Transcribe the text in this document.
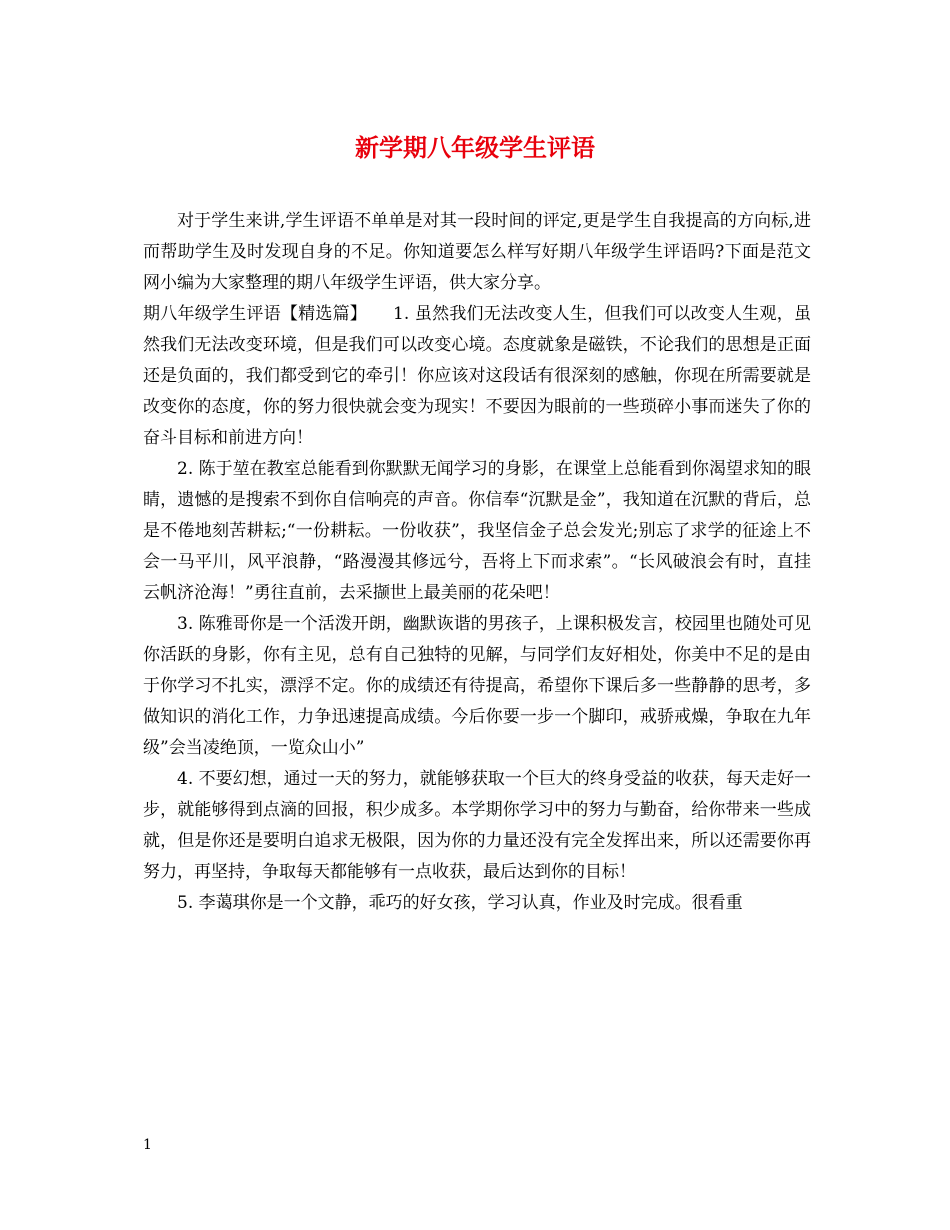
新学期八年级学生评语

对于学生来讲,学生评语不单单是对其一段时间的评定,更是学生自我提高的方向标,进而帮助学生及时发现自身的不足。你知道要怎么样写好期八年级学生评语吗?下面是范文网小编为大家整理的期八年级学生评语，供大家分享。

期八年级学生评语【精选篇】　　1. 虽然我们无法改变人生，但我们可以改变人生观，虽然我们无法改变环境，但是我们可以改变心境。态度就象是磁铁，不论我们的思想是正面还是负面的，我们都受到它的牵引！你应该对这段话有很深刻的感触，你现在所需要就是改变你的态度，你的努力很快就会变为现实！不要因为眼前的一些琐碎小事而迷失了你的奋斗目标和前进方向！

2. 陈于堃在教室总能看到你默默无闻学习的身影，在课堂上总能看到你渴望求知的眼睛，遗憾的是搜索不到你自信响亮的声音。你信奉“沉默是金”，我知道在沉默的背后，总是不倦地刻苦耕耘;“一份耕耘。一份收获”，我坚信金子总会发光;别忘了求学的征途上不会一马平川，风平浪静，“路漫漫其修远兮，吾将上下而求索”。“长风破浪会有时，直挂云帆济沧海！”勇往直前，去采撷世上最美丽的花朵吧！

3. 陈雅哥你是一个活泼开朗，幽默诙谐的男孩子，上课积极发言，校园里也随处可见你活跃的身影，你有主见，总有自己独特的见解，与同学们友好相处，你美中不足的是由于你学习不扎实，漂浮不定。你的成绩还有待提高，希望你下课后多一些静静的思考，多做知识的消化工作，力争迅速提高成绩。今后你要一步一个脚印，戒骄戒燥，争取在九年级”会当凌绝顶，一览众山小”

4. 不要幻想，通过一天的努力，就能够获取一个巨大的终身受益的收获，每天走好一步，就能够得到点滴的回报，积少成多。本学期你学习中的努力与勤奋，给你带来一些成就，但是你还是要明白追求无极限，因为你的力量还没有完全发挥出来，所以还需要你再努力，再坚持，争取每天都能够有一点收获，最后达到你的目标！

5. 李蔼琪你是一个文静，乖巧的好女孩，学习认真，作业及时完成。很看重

1
